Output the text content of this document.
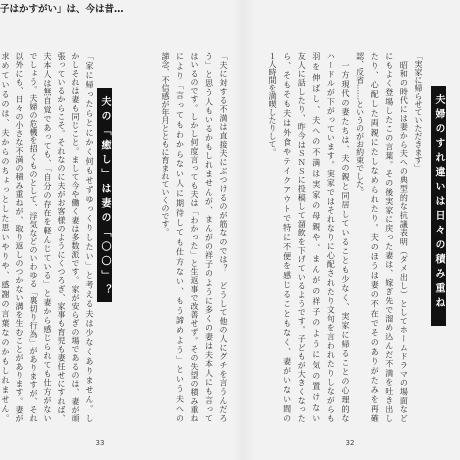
子はかすがい」は、今は昔…
夫婦のすれ違いは日々の積み重ね
「実家に帰らせていただきます」
　昭和の時代には妻から夫への典型的な抗議表明（ダメ出し）としてホームドラマの場面など
にもよく登場したこの言葉。その後実家に戻った妻は、嫁ぎ先で溜め込んだ不満を吐き出し
たり、心配した両親にたしなめられたり。夫のほうは妻の不在でそのありがたみを再確
認、反省……というのがお約束でした。
　一方現代の妻たちは、夫の親と同居していることも少なく、実家に帰ることの心理的な
ハードルが下がっています。実家ではそれなりに心配されたり文句を言われたりしながらも
羽を伸ばし、夫への不満は実家の母親や、まんがの祥子のように気の置けない
友人に話したり、昨今はＳＮＳに投稿して溜飲を下げているようです。子どもが大きくなった
ら、そもそも夫は外食やテイクアウトで特に不便を感じることもなく、妻がいない間の
１人時間を満喫したりして。
32
「夫に対する不満は直接夫にぶつけるのが筋なのでは？　どうして他の人にグチを言うんだろ
う」と思う人もいるかもしれませんが、まんがの祥子のように多くの妻は夫本人にも言って
はいるのです。しかし何度言っても夫は「わかった」と生返事で改善せず。その失望の積み重ね
により「言ってもわからない人に期待しても仕方ない、もう諦めよう」という夫への
諦念、不信感が年月とともに育まれていくのです。
夫の「癒し」は妻の「〇〇」？
「家に帰ったらとにかく何もせずゆっくりしたい」と考える夫は少なくありません。し
かしそれは妻も同じこと。まして今や働く妻は多数派です。家が安らぎの場であるのは、妻が頑
張っているからこそ。それなのに夫がお客様のようにくつろぎ、家事も育児も妻任せにすれば、
夫本人は無自覚であっても、「自分の存在を軽んじている」と妻から感じられても仕方がない
でしょう。夫婦の危機を招くものとして、浮気などのいわゆる「裏切り行為」がありますが、それ
以外にも、日々の小さな不満の積み重ねが、取り返しのつかない溝を生むことがあります。妻が
求めているのは、夫からのちょっとした思いやりや、感謝の言葉なのかもしれません。
33
